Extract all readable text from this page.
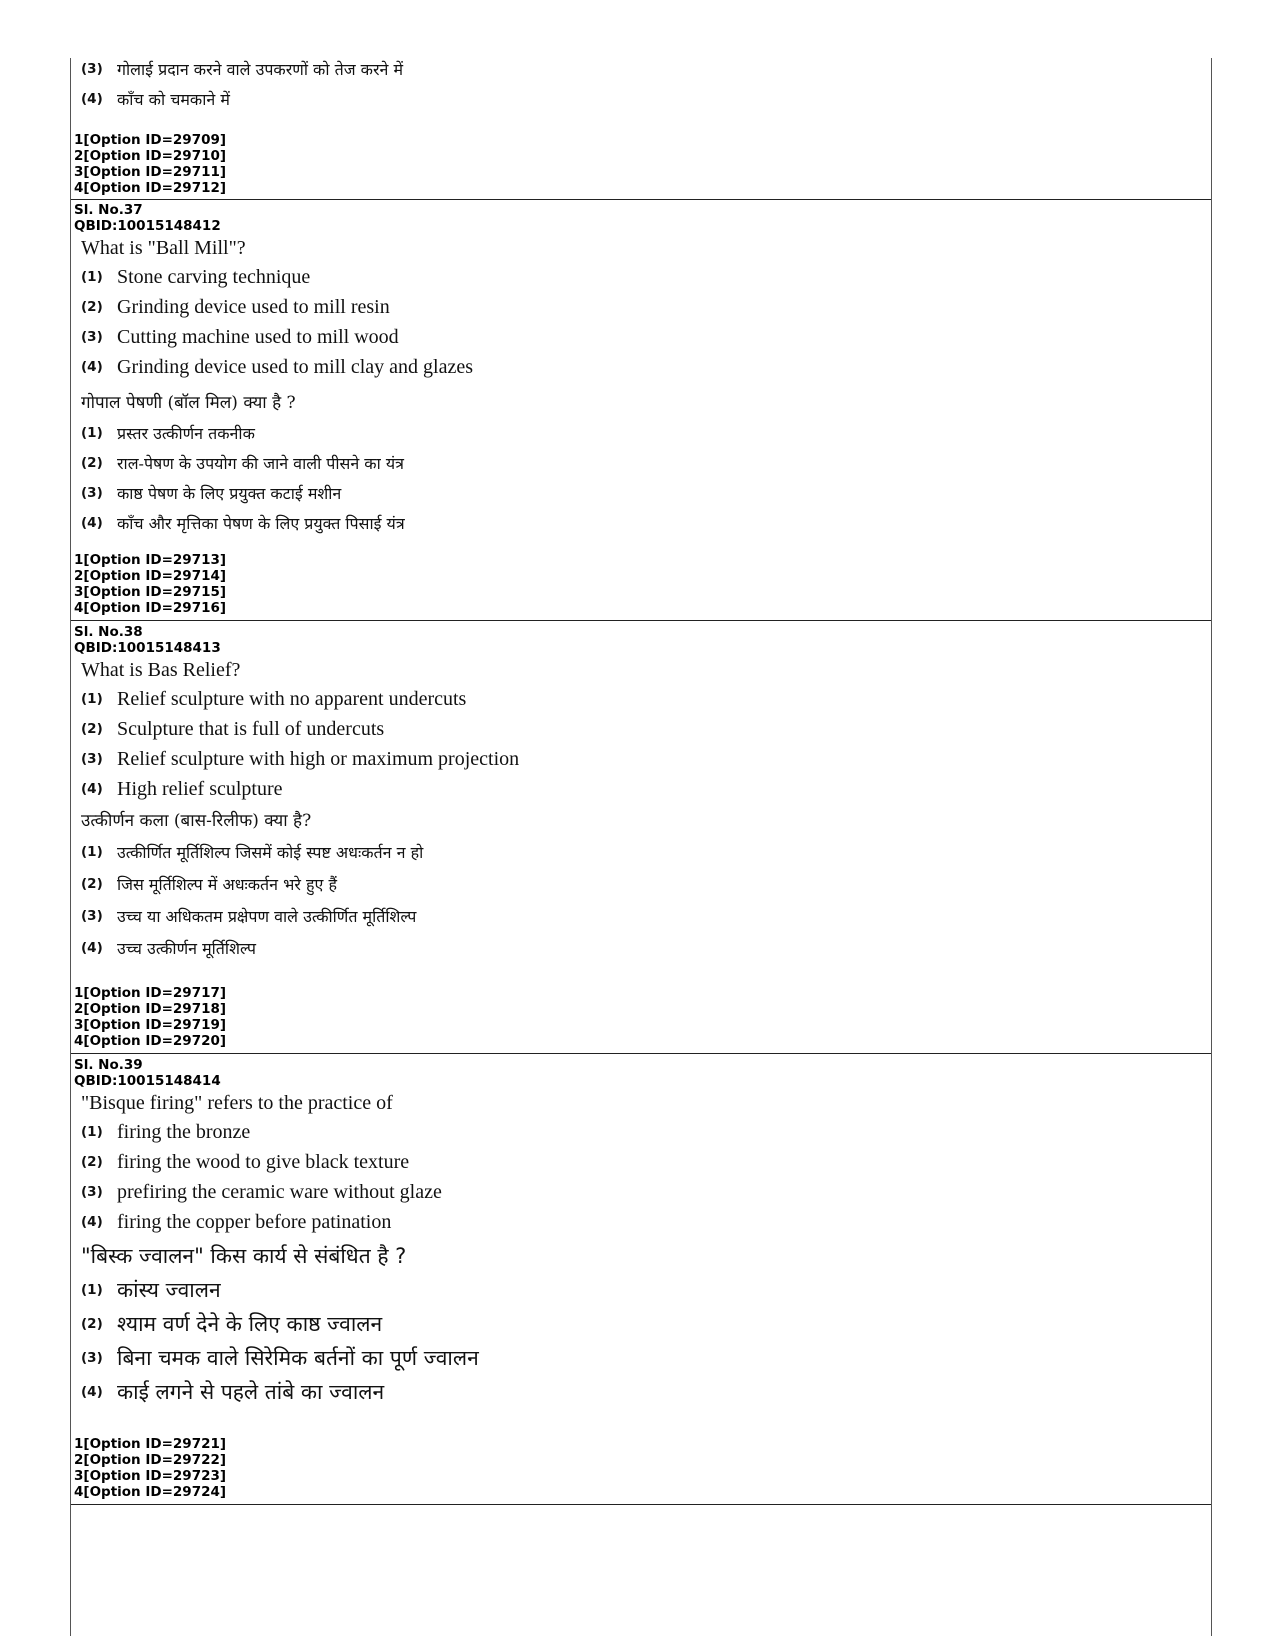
(3) गोलाई प्रदान करने वाले उपकरणों को तेज करने में
(4) काँच को चमकाने में
1[Option ID=29709]
2[Option ID=29710]
3[Option ID=29711]
4[Option ID=29712]
Sl. No.37
QBID:10015148412
What is "Ball Mill"?
(1) Stone carving technique
(2) Grinding device used to mill resin
(3) Cutting machine used to mill wood
(4) Grinding device used to mill clay and glazes
गोपाल पेषणी (बॉल मिल) क्या है ?
(1) प्रस्तर उत्कीर्णन तकनीक
(2) राल-पेषण के उपयोग की जाने वाली पीसने का यंत्र
(3) काष्ठ पेषण के लिए प्रयुक्त कटाई मशीन
(4) काँच और मृत्तिका पेषण के लिए प्रयुक्त पिसाई यंत्र
1[Option ID=29713]
2[Option ID=29714]
3[Option ID=29715]
4[Option ID=29716]
Sl. No.38
QBID:10015148413
What is Bas Relief?
(1) Relief sculpture with no apparent undercuts
(2) Sculpture that is full of undercuts
(3) Relief sculpture with high or maximum projection
(4) High relief sculpture
उत्कीर्णन कला (बास-रिलीफ) क्या है?
(1) उत्कीर्णित मूर्तिशिल्प जिसमें कोई स्पष्ट अधःकर्तन न हो
(2) जिस मूर्तिशिल्प में अधःकर्तन भरे हुए हैं
(3) उच्च या अधिकतम प्रक्षेपण वाले उत्कीर्णित मूर्तिशिल्प
(4) उच्च उत्कीर्णन मूर्तिशिल्प
1[Option ID=29717]
2[Option ID=29718]
3[Option ID=29719]
4[Option ID=29720]
Sl. No.39
QBID:10015148414
"Bisque firing" refers to the practice of
(1) firing the bronze
(2) firing the wood to give black texture
(3) prefiring the ceramic ware without glaze
(4) firing the copper before patination
"बिस्क ज्वालन" किस कार्य से संबंधित है ?
(1) कांस्य ज्वालन
(2) श्याम वर्ण देने के लिए काष्ठ ज्वालन
(3) बिना चमक वाले सिरेमिक बर्तनों का पूर्ण ज्वालन
(4) काई लगने से पहले तांबे का ज्वालन
1[Option ID=29721]
2[Option ID=29722]
3[Option ID=29723]
4[Option ID=29724]
